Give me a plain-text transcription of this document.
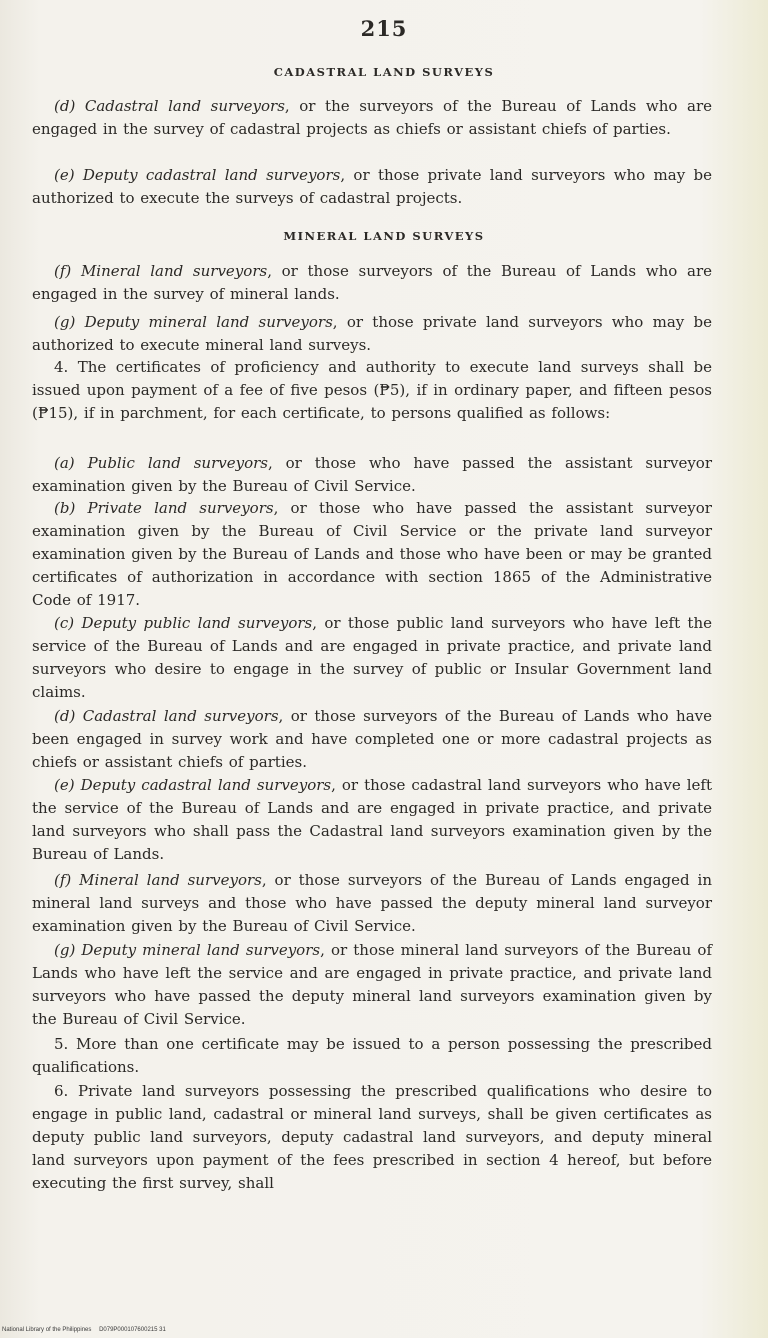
215
CADASTRAL LAND SURVEYS

(d) Cadastral land surveyors, or the surveyors of the Bureau of Lands who are engaged in the survey of cadastral projects as chiefs or assistant chiefs of parties.

(e) Deputy cadastral land surveyors, or those private land surveyors who may be authorized to execute the surveys of cadastral projects.

MINERAL LAND SURVEYS

(f) Mineral land surveyors, or those surveyors of the Bureau of Lands who are engaged in the survey of mineral lands.

(g) Deputy mineral land surveyors, or those private land surveyors who may be authorized to execute mineral land surveys.

4. The certificates of proficiency and authority to execute land surveys shall be issued upon payment of a fee of five pesos (₱5), if in ordinary paper, and fifteen pesos (₱15), if in parchment, for each certificate, to persons qualified as follows:

(a) Public land surveyors, or those who have passed the assistant surveyor examination given by the Bureau of Civil Service.

(b) Private land surveyors, or those who have passed the assistant surveyor examination given by the Bureau of Civil Service or the private land surveyor examination given by the Bureau of Lands and those who have been or may be granted certificates of authorization in accordance with section 1865 of the Administrative Code of 1917.

(c) Deputy public land surveyors, or those public land surveyors who have left the service of the Bureau of Lands and are engaged in private practice, and private land surveyors who desire to engage in the survey of public or Insular Government land claims.

(d) Cadastral land surveyors, or those surveyors of the Bureau of Lands who have been engaged in survey work and have completed one or more cadastral projects as chiefs or assistant chiefs of parties.

(e) Deputy cadastral land surveyors, or those cadastral land surveyors who have left the service of the Bureau of Lands and are engaged in private practice, and private land surveyors who shall pass the Cadastral land surveyors examination given by the Bureau of Lands.

(f) Mineral land surveyors, or those surveyors of the Bureau of Lands engaged in mineral land surveys and those who have passed the deputy mineral land surveyor examination given by the Bureau of Civil Service.

(g) Deputy mineral land surveyors, or those mineral land surveyors of the Bureau of Lands who have left the service and are engaged in private practice, and private land surveyors who have passed the deputy mineral land surveyors examination given by the Bureau of Civil Service.

5. More than one certificate may be issued to a person possessing the prescribed qualifications.

6. Private land surveyors possessing the prescribed qualifications who desire to engage in public land, cadastral or mineral land surveys, shall be given certificates as deputy public land surveyors, deputy cadastral land surveyors, and deputy mineral land surveyors upon payment of the fees prescribed in section 4 hereof, but before executing the first survey, shall

National Library of the Philippines D079P000107600215 31
